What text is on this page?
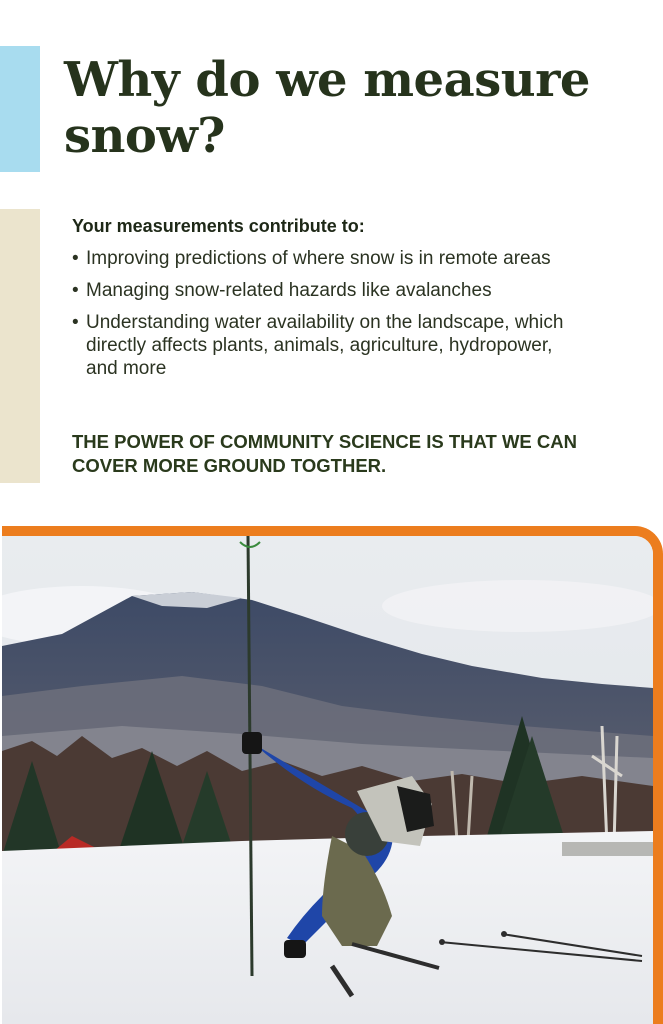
Why do we measure snow?

Your measurements contribute to:

• Improving predictions of where snow is in remote areas
• Managing snow-related hazards like avalanches
• Understanding water availability on the landscape, which directly affects plants, animals, agriculture, hydropower, and more

THE POWER OF COMMUNITY SCIENCE IS THAT WE CAN COVER MORE GROUND TOGTHER.
